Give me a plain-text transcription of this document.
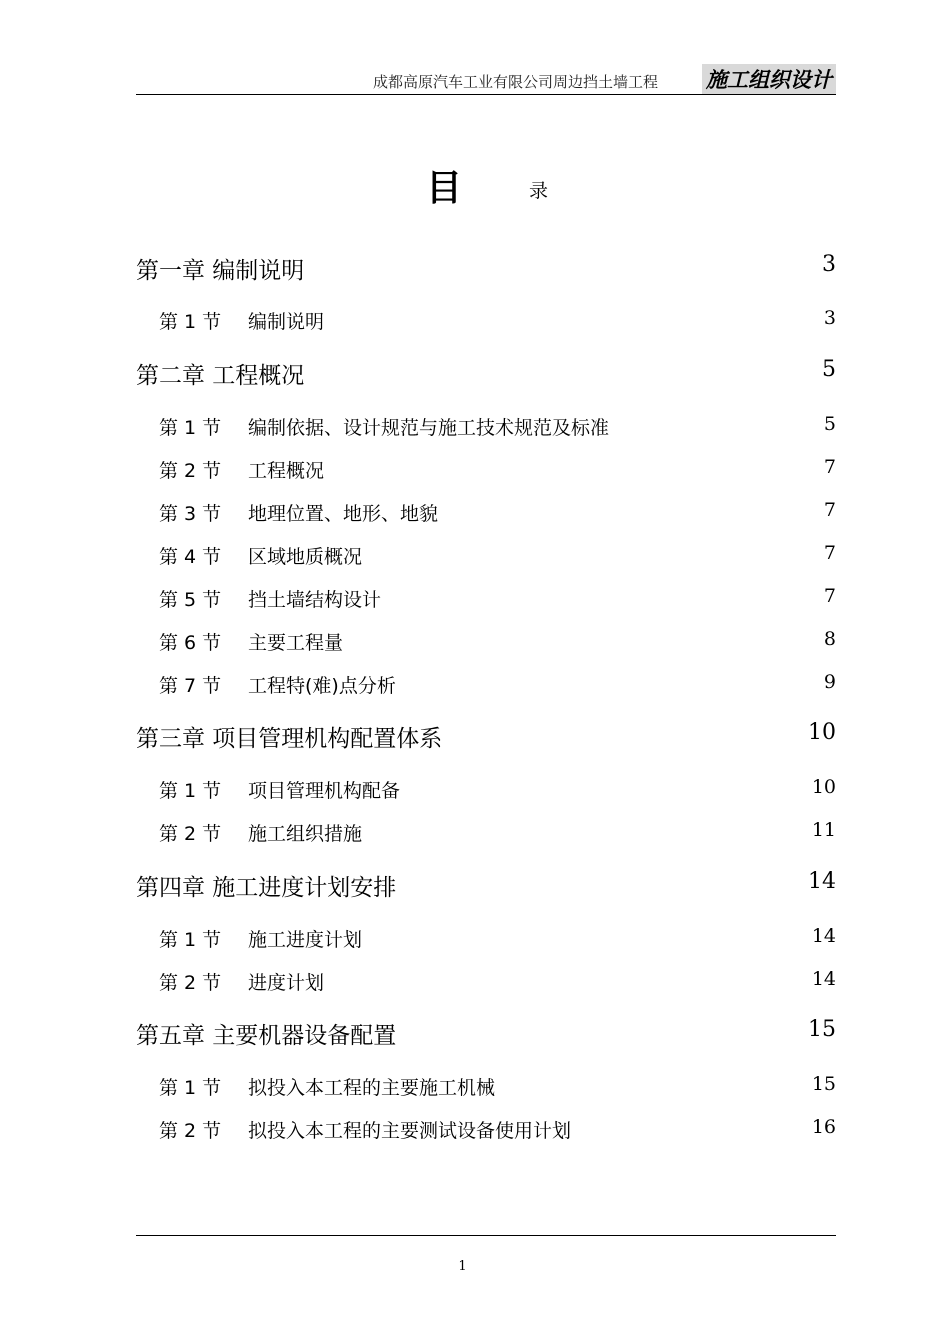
成都高原汽车工业有限公司周边挡土墙工程 施工组织设计
目	录
第一章 编制说明	3
第 1 节 编制说明	3
第二章 工程概况	5
第 1 节 编制依据、设计规范与施工技术规范及标准	5
第 2 节 工程概况	7
第 3 节 地理位置、地形、地貌	7
第 4 节 区域地质概况	7
第 5 节 挡土墙结构设计	7
第 6 节 主要工程量	8
第 7 节 工程特(难)点分析	9
第三章 项目管理机构配置体系	10
第 1 节 项目管理机构配备	10
第 2 节 施工组织措施	11
第四章 施工进度计划安排	14
第 1 节 施工进度计划	14
第 2 节 进度计划	14
第五章 主要机器设备配置	15
第 1 节 拟投入本工程的主要施工机械	15
第 2 节 拟投入本工程的主要测试设备使用计划	16
1
